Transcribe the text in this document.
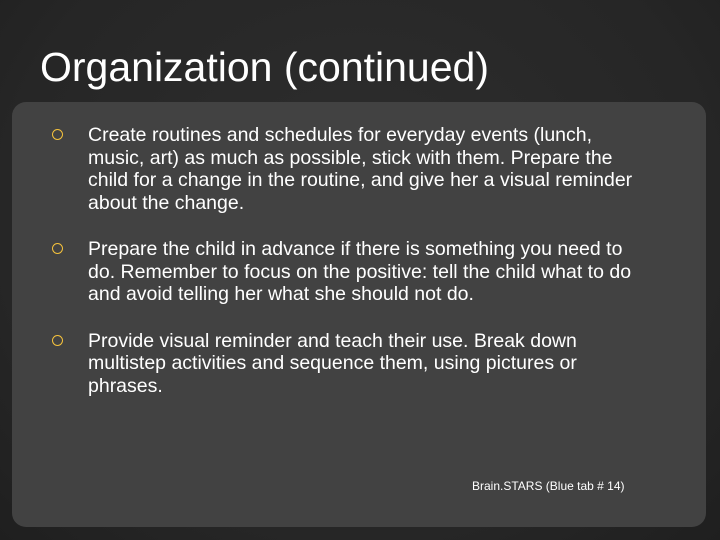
Organization (continued)
Create routines and schedules for everyday events (lunch, music, art) as much as possible, stick with them. Prepare the child for a change in the routine, and give her a visual reminder about the change.
Prepare the child in advance if there is something you need to do. Remember to focus on the positive: tell the child what to do and avoid telling her what she should not do.
Provide visual reminder and teach their use. Break down multistep activities and sequence them, using pictures or phrases.
Brain.STARS (Blue tab # 14)
